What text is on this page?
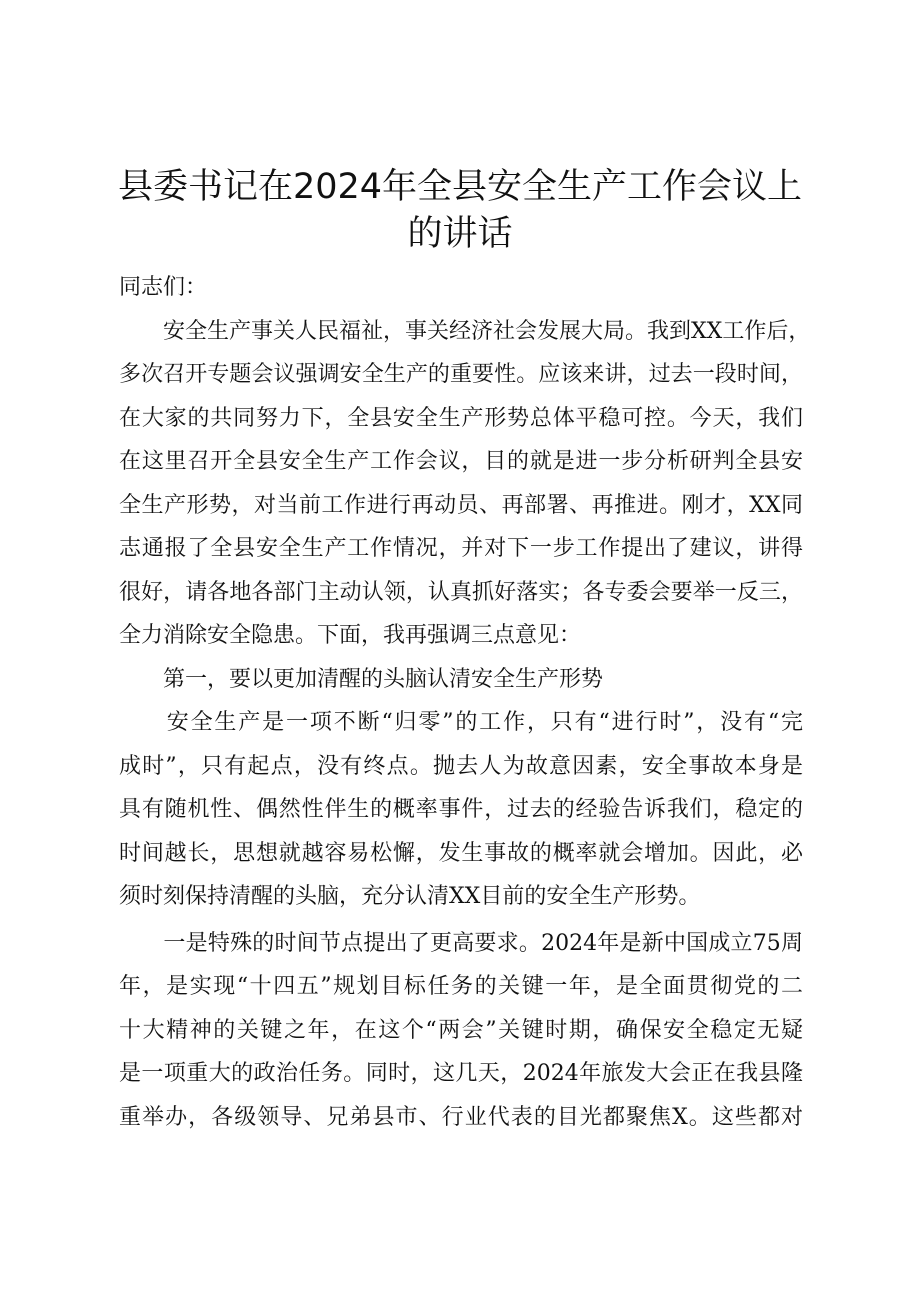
县委书记在2024年全县安全生产工作会议上
的讲话
同志们：
　　安全生产事关人民福祉，事关经济社会发展大局。我到XX工作后，
多次召开专题会议强调安全生产的重要性。应该来讲，过去一段时间，
在大家的共同努力下，全县安全生产形势总体平稳可控。今天，我们
在这里召开全县安全生产工作会议，目的就是进一步分析研判全县安
全生产形势，对当前工作进行再动员、再部署、再推进。刚才，XX同
志通报了全县安全生产工作情况，并对下一步工作提出了建议，讲得
很好，请各地各部门主动认领，认真抓好落实；各专委会要举一反三，
全力消除安全隐患。下面，我再强调三点意见：
　　第一，要以更加清醒的头脑认清安全生产形势
　　安全生产是一项不断“归零”的工作，只有“进行时”，没有“完
成时”，只有起点，没有终点。抛去人为故意因素，安全事故本身是
具有随机性、偶然性伴生的概率事件，过去的经验告诉我们，稳定的
时间越长，思想就越容易松懈，发生事故的概率就会增加。因此，必
须时刻保持清醒的头脑，充分认清XX目前的安全生产形势。
　　一是特殊的时间节点提出了更高要求。2024年是新中国成立75周
年，是实现“十四五”规划目标任务的关键一年，是全面贯彻党的二
十大精神的关键之年，在这个“两会”关键时期，确保安全稳定无疑
是一项重大的政治任务。同时，这几天，2024年旅发大会正在我县隆
重举办，各级领导、兄弟县市、行业代表的目光都聚焦X。这些都对
